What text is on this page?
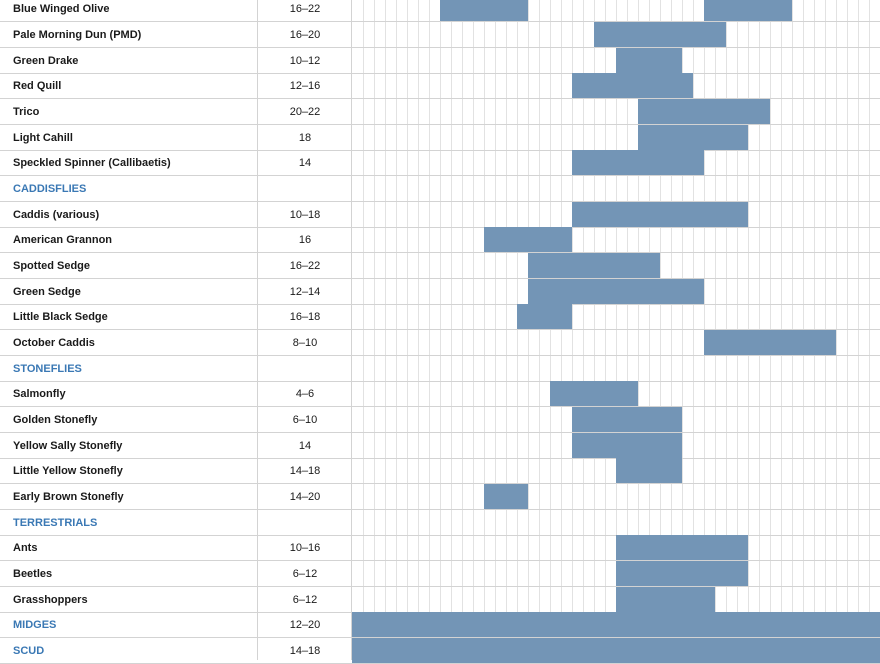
Blue Winged Olive	16–22
Pale Morning Dun (PMD)	16–20
Green Drake	10–12
Red Quill	12–16
Trico	20–22
Light Cahill	18
Speckled Spinner (Callibaetis)	14
CADDISFLIES
Caddis (various)	10–18
American Grannon	16
Spotted Sedge	16–22
Green Sedge	12–14
Little Black Sedge	16–18
October Caddis	8–10
STONEFLIES
Salmonfly	4–6
Golden Stonefly	6–10
Yellow Sally Stonefly	14
Little Yellow Stonefly	14–18
Early Brown Stonefly	14–20
TERRESTRIALS
Ants	10–16
Beetles	6–12
Grasshoppers	6–12
MIDGES	12–20
SCUD	14–18
